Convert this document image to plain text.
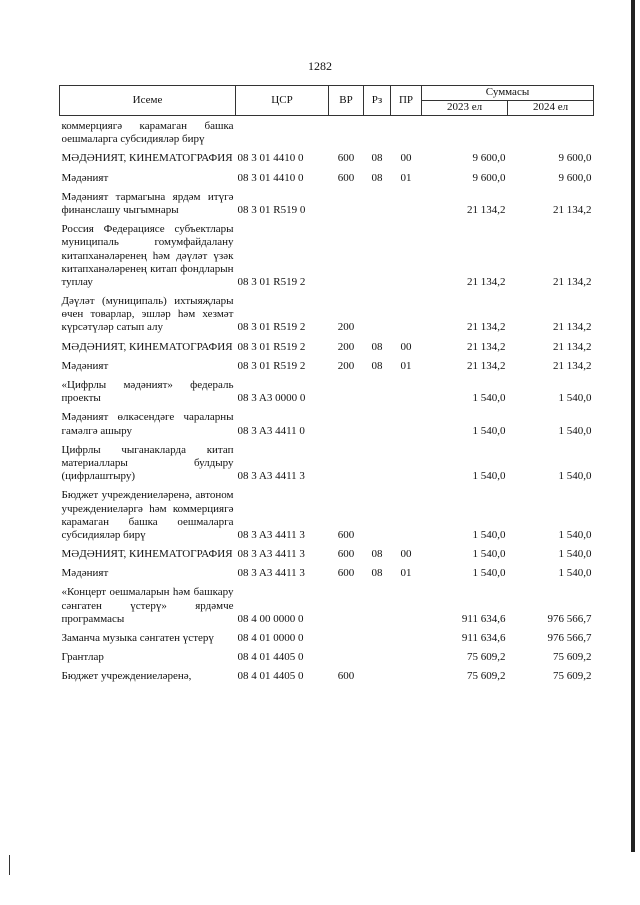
1282
Исеме	ЦСР	ВР	Рз	ПР	Суммасы	
					2023 ел	2024 ел
коммерциягә карамаган башка оешмаларга субсидияләр бирү						
МӘДӘНИЯТ, КИНЕМАТОГРАФИЯ	08 3 01 4410 0	600	08	00	9 600,0	9 600,0
Мәдәният	08 3 01 4410 0	600	08	01	9 600,0	9 600,0
Мәдәният тармагына ярдәм итүгә финанслашу чыгымнары	08 3 01 R519 0				21 134,2	21 134,2
Россия Федерациясе субъектлары муниципаль гомумфайдалану китапханәләренең һәм дәүләт үзәк китапханәләренең китап фондларын туплау	08 3 01 R519 2				21 134,2	21 134,2
Дәүләт (муниципаль) ихтыяҗлары өчен товарлар, эшләр һәм хезмәт күрсәтүләр сатып алу	08 3 01 R519 2	200			21 134,2	21 134,2
МӘДӘНИЯТ, КИНЕМАТОГРАФИЯ	08 3 01 R519 2	200	08	00	21 134,2	21 134,2
Мәдәният	08 3 01 R519 2	200	08	01	21 134,2	21 134,2
«Цифрлы мәдәният» федераль проекты	08 3 A3 0000 0				1 540,0	1 540,0
Мәдәният өлкәсендәге чараларны гамәлгә ашыру	08 3 A3 4411 0				1 540,0	1 540,0
Цифрлы чыганакларда китап материаллары булдыру (цифрлаштыру)	08 3 A3 4411 3				1 540,0	1 540,0
Бюджет учреждениеләренә, автоном учреждениеләргә һәм коммерциягә карамаган башка оешмаларга субсидияләр бирү	08 3 A3 4411 3	600			1 540,0	1 540,0
МӘДӘНИЯТ, КИНЕМАТОГРАФИЯ	08 3 A3 4411 3	600	08	00	1 540,0	1 540,0
Мәдәният	08 3 A3 4411 3	600	08	01	1 540,0	1 540,0
«Концерт оешмаларын һәм башкару сәнгатен үстерү» ярдәмче программасы	08 4 00 0000 0				911 634,6	976 566,7
Заманча музыка сәнгатен үстерү	08 4 01 0000 0				911 634,6	976 566,7
Грантлар	08 4 01 4405 0				75 609,2	75 609,2
Бюджет учреждениеләренә,	08 4 01 4405 0	600			75 609,2	75 609,2
